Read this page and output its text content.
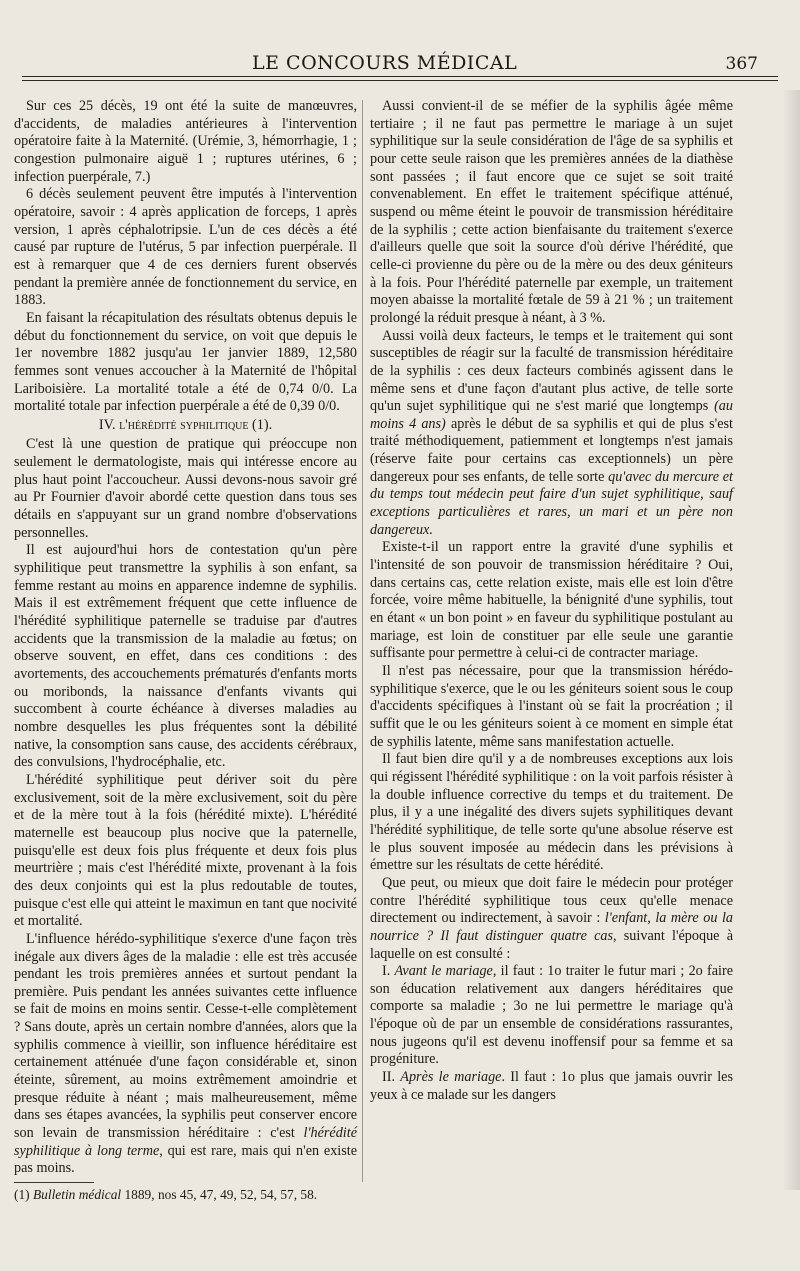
LE CONCOURS MÉDICAL	367

Sur ces 25 décès, 19 ont été la suite de manœuvres, d'accidents, de maladies antérieures à l'intervention opératoire faite à la Maternité. (Urémie, 3, hémorrhagie, 1 ; congestion pulmonaire aiguë 1 ; ruptures utérines, 6 ; infection puerpérale, 7.)

6 décès seulement peuvent être imputés à l'intervention opératoire, savoir : 4 après application de forceps, 1 après version, 1 après céphalotripsie. L'un de ces décès a été causé par rupture de l'utérus, 5 par infection puerpérale. Il est à remarquer que 4 de ces derniers furent observés pendant la première année de fonctionnement du service, en 1883.

En faisant la récapitulation des résultats obtenus depuis le début du fonctionnement du service, on voit que depuis le 1er novembre 1882 jusqu'au 1er janvier 1889, 12,580 femmes sont venues accoucher à la Maternité de l'hôpital Lariboisière. La mortalité totale a été de 0,74 0/0. La mortalité totale par infection puerpérale a été de 0,39 0/0.

IV. l'hérédité syphilitique (1).

C'est là une question de pratique qui préoccupe non seulement le dermatologiste, mais qui intéresse encore au plus haut point l'accoucheur. Aussi devons-nous savoir gré au Pr Fournier d'avoir abordé cette question dans tous ses détails en s'appuyant sur un grand nombre d'observations personnelles.

Il est aujourd'hui hors de contestation qu'un père syphilitique peut transmettre la syphilis à son enfant, sa femme restant au moins en apparence indemne de syphilis. Mais il est extrêmement fréquent que cette influence de l'hérédité syphilitique paternelle se traduise par d'autres accidents que la transmission de la maladie au fœtus; on observe souvent, en effet, dans ces conditions : des avortements, des accouchements prématurés d'enfants morts ou moribonds, la naissance d'enfants vivants qui succombent à courte échéance à diverses maladies au nombre desquelles les plus fréquentes sont la débilité native, la consomption sans cause, des accidents cérébraux, des convulsions, l'hydrocéphalie, etc.

L'hérédité syphilitique peut dériver soit du père exclusivement, soit de la mère exclusivement, soit du père et de la mère tout à la fois (hérédité mixte). L'hérédité maternelle est beaucoup plus nocive que la paternelle, puisqu'elle est deux fois plus fréquente et deux fois plus meurtrière ; mais c'est l'hérédité mixte, provenant à la fois des deux conjoints qui est la plus redoutable de toutes, puisque c'est elle qui atteint le maximun en tant que nocivité et mortalité.

L'influence hérédo-syphilitique s'exerce d'une façon très inégale aux divers âges de la maladie : elle est très accusée pendant les trois premières années et surtout pendant la première. Puis pendant les années suivantes cette influence se fait de moins en moins sentir. Cesse-t-elle complètement ? Sans doute, après un certain nombre d'années, alors que la syphilis commence à vieillir, son influence héréditaire est certainement atténuée d'une façon considérable et, sinon éteinte, sûrement, au moins extrêmement amoindrie et presque réduite à néant ; mais malheureusement, même dans ses étapes avancées, la syphilis peut conserver encore son levain de transmission héréditaire : c'est l'hérédité syphilitique à long terme, qui est rare, mais qui n'en existe pas moins.

(1) Bulletin médical 1889, nos 45, 47, 49, 52, 54, 57, 58.

Aussi convient-il de se méfier de la syphilis âgée même tertiaire ; il ne faut pas permettre le mariage à un sujet syphilitique sur la seule considération de l'âge de sa syphilis et pour cette seule raison que les premières années de la diathèse sont passées ; il faut encore que ce sujet se soit traité convenablement. En effet le traitement spécifique atténué, suspend ou même éteint le pouvoir de transmission héréditaire de la syphilis ; cette action bienfaisante du traitement s'exerce d'ailleurs quelle que soit la source d'où dérive l'hérédité, que celle-ci provienne du père ou de la mère ou des deux géniteurs à la fois. Pour l'hérédité paternelle par exemple, un traitement moyen abaisse la mortalité fœtale de 59 à 21 % ; un traitement prolongé la réduit presque à néant, à 3 %.

Aussi voilà deux facteurs, le temps et le traitement qui sont susceptibles de réagir sur la faculté de transmission héréditaire de la syphilis : ces deux facteurs combinés agissent dans le même sens et d'une façon d'autant plus active, de telle sorte qu'un sujet syphilitique qui ne s'est marié que longtemps (au moins 4 ans) après le début de sa syphilis et qui de plus s'est traité méthodiquement, patiemment et longtemps n'est jamais (réserve faite pour certains cas exceptionnels) un père dangereux pour ses enfants, de telle sorte qu'avec du mercure et du temps tout médecin peut faire d'un sujet syphilitique, sauf exceptions particulières et rares, un mari et un père non dangereux.

Existe-t-il un rapport entre la gravité d'une syphilis et l'intensité de son pouvoir de transmission héréditaire ? Oui, dans certains cas, cette relation existe, mais elle est loin d'être forcée, voire même habituelle, la bénignité d'une syphilis, tout en étant « un bon point » en faveur du syphilitique postulant au mariage, est loin de constituer par elle seule une garantie suffisante pour permettre à celui-ci de contracter mariage.

Il n'est pas nécessaire, pour que la transmission hérédo-syphilitique s'exerce, que le ou les géniteurs soient sous le coup d'accidents spécifiques à l'instant où se fait la procréation ; il suffit que le ou les géniteurs soient à ce moment en simple état de syphilis latente, même sans manifestation actuelle.

Il faut bien dire qu'il y a de nombreuses exceptions aux lois qui régissent l'hérédité syphilitique : on la voit parfois résister à la double influence corrective du temps et du traitement. De plus, il y a une inégalité des divers sujets syphilitiques devant l'hérédité syphilitique, de telle sorte qu'une absolue réserve est le plus souvent imposée au médecin dans les prévisions à émettre sur les résultats de cette hérédité.

Que peut, ou mieux que doit faire le médecin pour protéger contre l'hérédité syphilitique tous ceux qu'elle menace directement ou indirectement, à savoir : l'enfant, la mère ou la nourrice ? Il faut distinguer quatre cas, suivant l'époque à laquelle on est consulté :

I. Avant le mariage, il faut : 1o traiter le futur mari ; 2o faire son éducation relativement aux dangers héréditaires que comporte sa maladie ; 3o ne lui permettre le mariage qu'à l'époque où de par un ensemble de considérations rassurantes, nous jugeons qu'il est devenu inoffensif pour sa femme et sa progéniture.

II. Après le mariage. Il faut : 1o plus que jamais ouvrir les yeux à ce malade sur les dangers
